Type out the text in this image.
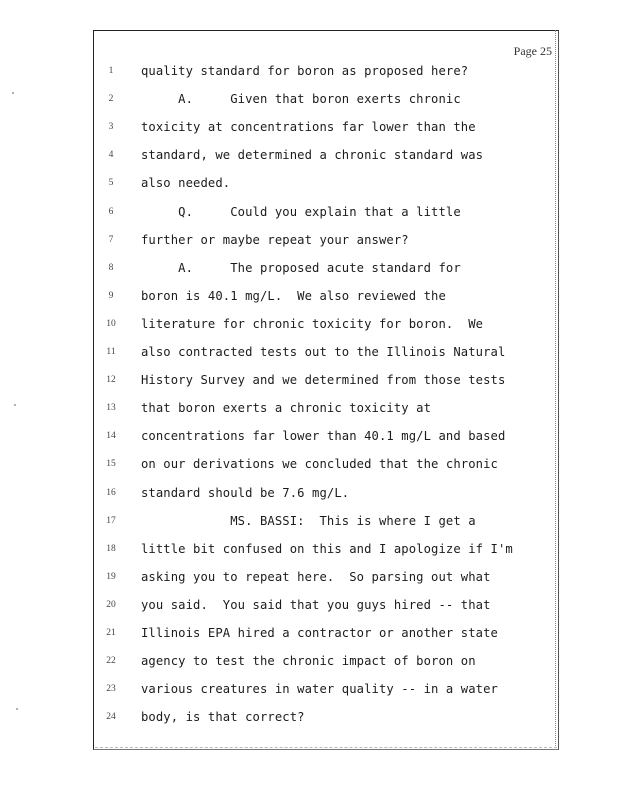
Page 25
1	quality standard for boron as proposed here?
2	A.     Given that boron exerts chronic
3	toxicity at concentrations far lower than the
4	standard, we determined a chronic standard was
5	also needed.
6	Q.     Could you explain that a little
7	further or maybe repeat your answer?
8	A.     The proposed acute standard for
9	boron is 40.1 mg/L.  We also reviewed the
10	literature for chronic toxicity for boron.  We
11	also contracted tests out to the Illinois Natural
12	History Survey and we determined from those tests
13	that boron exerts a chronic toxicity at
14	concentrations far lower than 40.1 mg/L and based
15	on our derivations we concluded that the chronic
16	standard should be 7.6 mg/L.
17	MS. BASSI:  This is where I get a
18	little bit confused on this and I apologize if I'm
19	asking you to repeat here.  So parsing out what
20	you said.  You said that you guys hired -- that
21	Illinois EPA hired a contractor or another state
22	agency to test the chronic impact of boron on
23	various creatures in water quality -- in a water
24	body, is that correct?
